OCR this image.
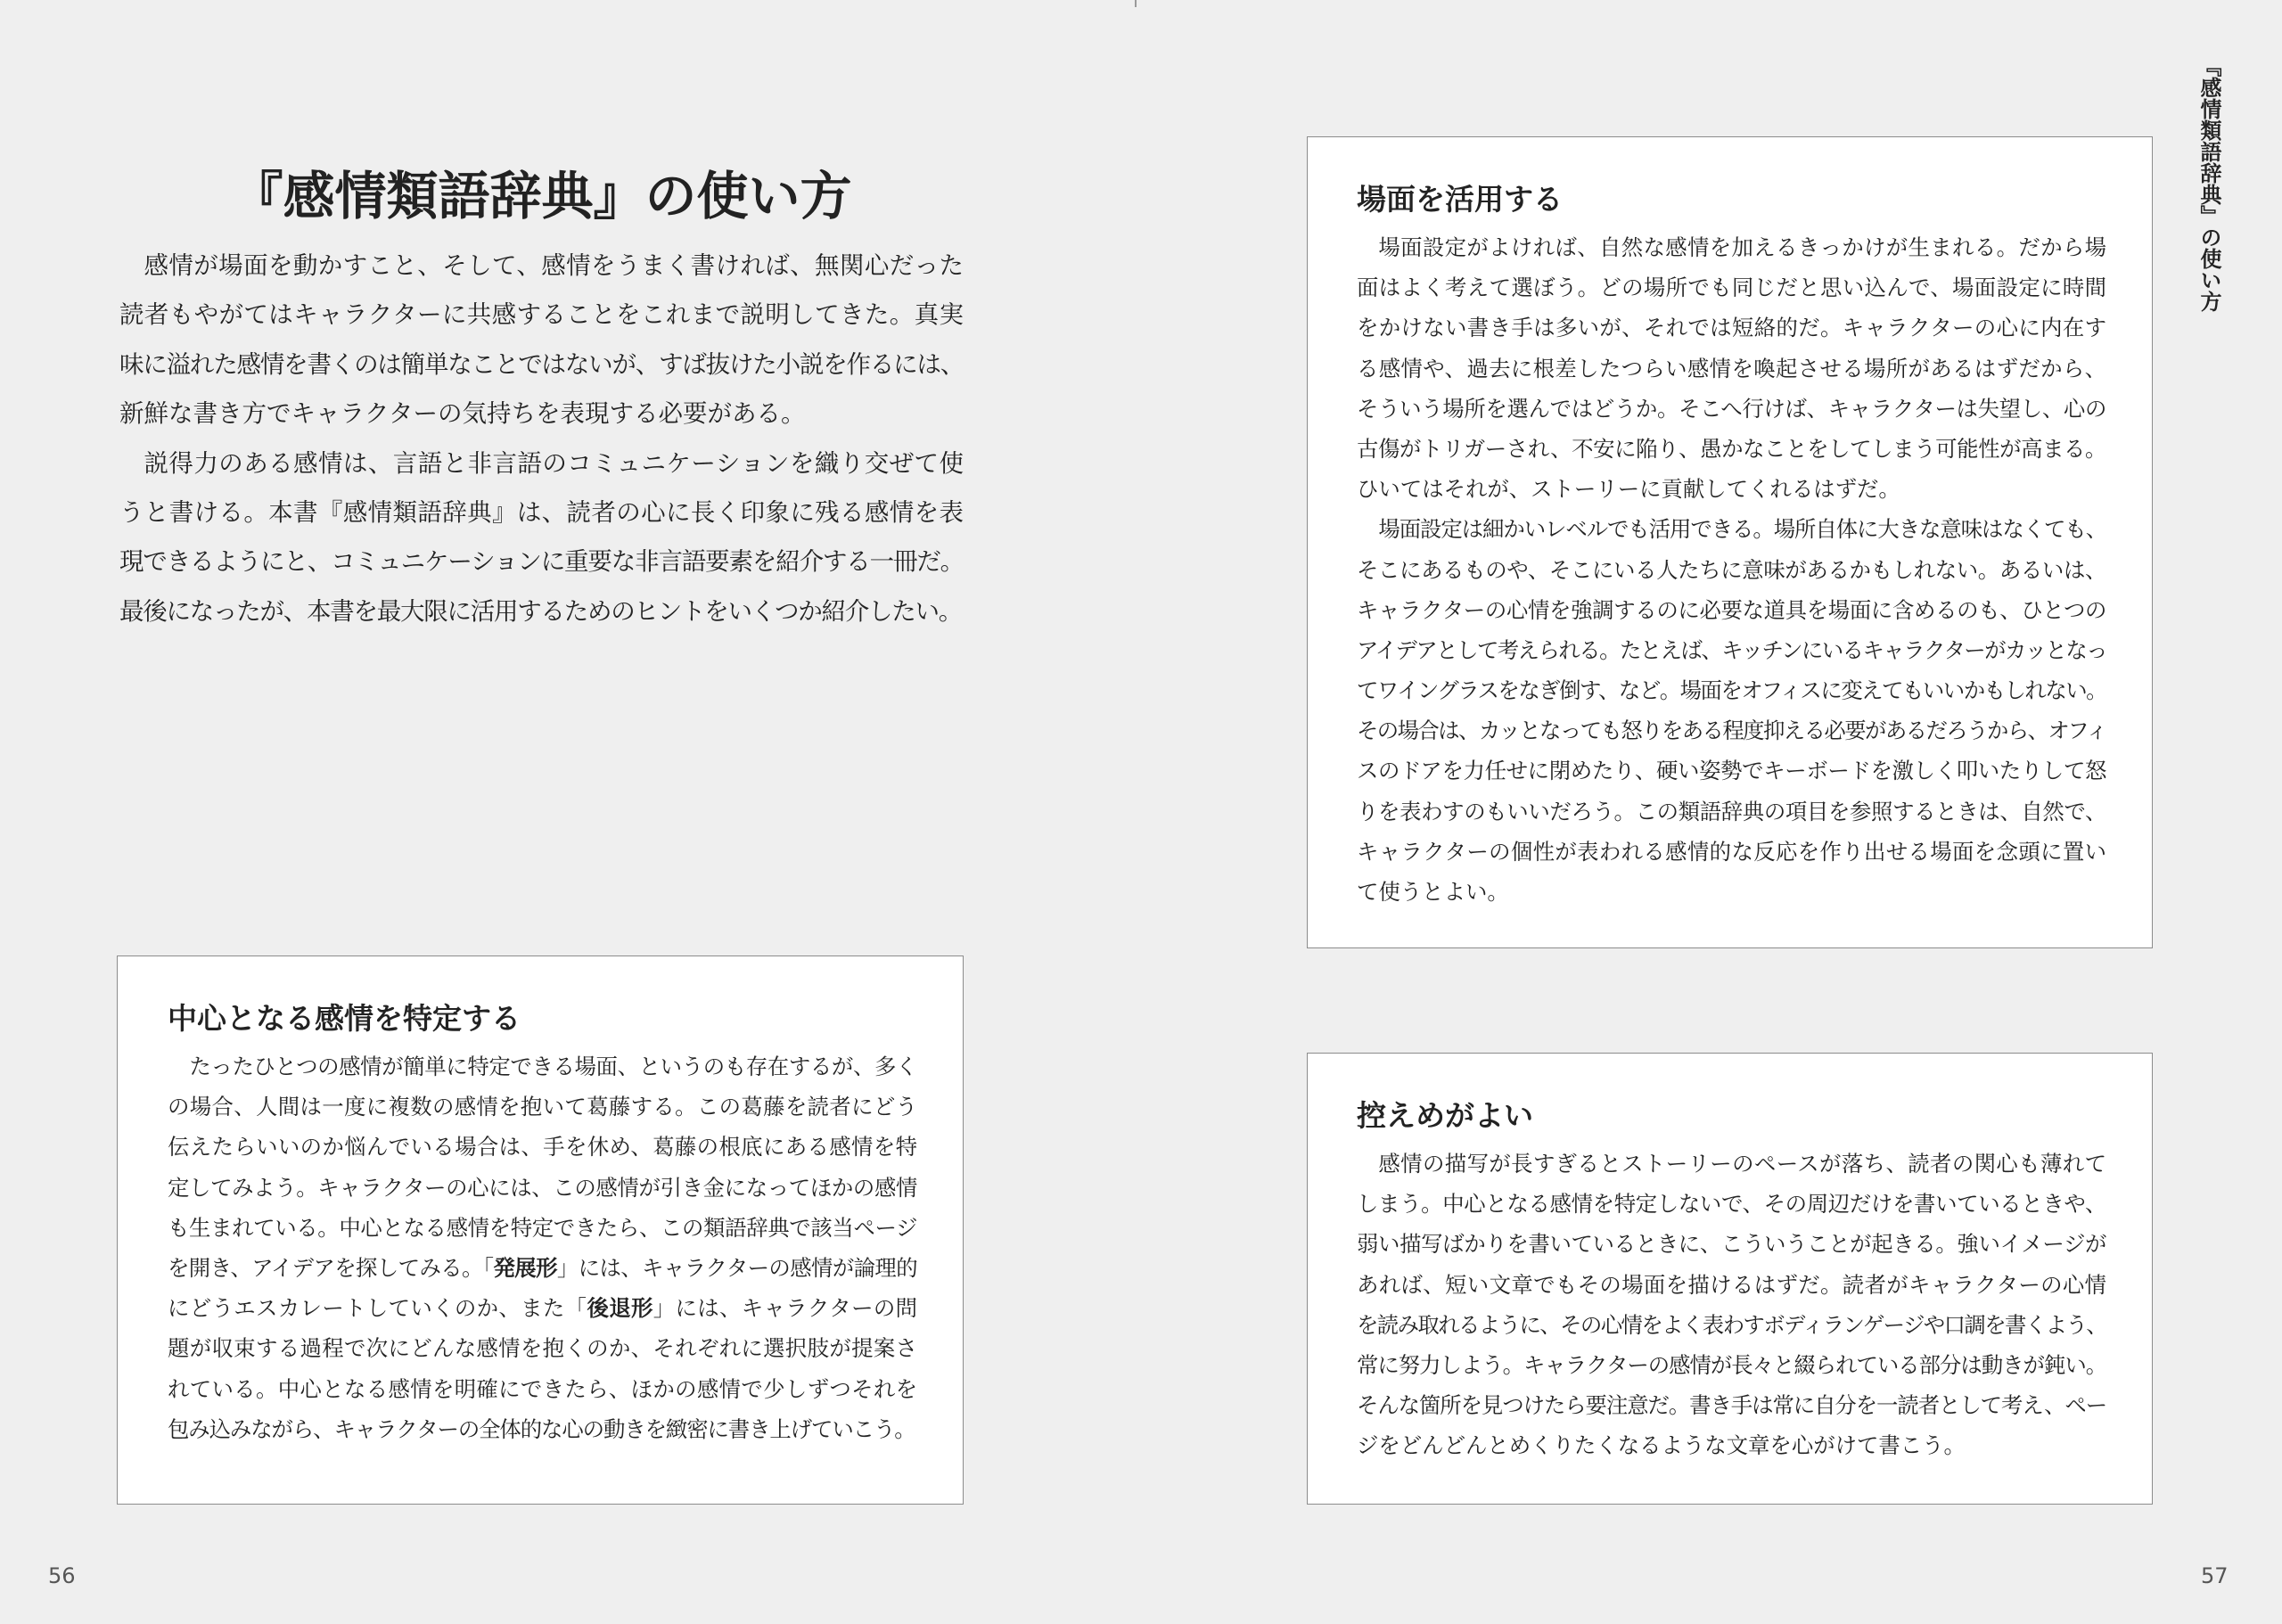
『感情類語辞典』の使い方
感情が場面を動かすこと、そして、感情をうまく書ければ、無関心だった
読者もやがてはキャラクターに共感することをこれまで説明してきた。真実
味に溢れた感情を書くのは簡単なことではないが、すば抜けた小説を作るには、
新鮮な書き方でキャラクターの気持ちを表現する必要がある。
説得力のある感情は、言語と非言語のコミュニケーションを織り交ぜて使
うと書ける。本書『感情類語辞典』は、読者の心に長く印象に残る感情を表
現できるようにと、コミュニケーションに重要な非言語要素を紹介する一冊だ。
最後になったが、本書を最大限に活用するためのヒントをいくつか紹介したい。
中心となる感情を特定する
たったひとつの感情が簡単に特定できる場面、というのも存在するが、多く
の場合、人間は一度に複数の感情を抱いて葛藤する。この葛藤を読者にどう
伝えたらいいのか悩んでいる場合は、手を休め、葛藤の根底にある感情を特
定してみよう。キャラクターの心には、この感情が引き金になってほかの感情
も生まれている。中心となる感情を特定できたら、この類語辞典で該当ページ
を開き、アイデアを探してみる。「発展形」には、キャラクターの感情が論理的
にどうエスカレートしていくのか、また「後退形」には、キャラクターの問
題が収束する過程で次にどんな感情を抱くのか、それぞれに選択肢が提案さ
れている。中心となる感情を明確にできたら、ほかの感情で少しずつそれを
包み込みながら、キャラクターの全体的な心の動きを緻密に書き上げていこう。
56
『感情類語辞典』の使い方
場面を活用する
場面設定がよければ、自然な感情を加えるきっかけが生まれる。だから場
面はよく考えて選ぼう。どの場所でも同じだと思い込んで、場面設定に時間
をかけない書き手は多いが、それでは短絡的だ。キャラクターの心に内在す
る感情や、過去に根差したつらい感情を喚起させる場所があるはずだから、
そういう場所を選んではどうか。そこへ行けば、キャラクターは失望し、心の
古傷がトリガーされ、不安に陥り、愚かなことをしてしまう可能性が高まる。
ひいてはそれが、ストーリーに貢献してくれるはずだ。
場面設定は細かいレベルでも活用できる。場所自体に大きな意味はなくても、
そこにあるものや、そこにいる人たちに意味があるかもしれない。あるいは、
キャラクターの心情を強調するのに必要な道具を場面に含めるのも、ひとつの
アイデアとして考えられる。たとえば、キッチンにいるキャラクターがカッとなっ
てワイングラスをなぎ倒す、など。場面をオフィスに変えてもいいかもしれない。
その場合は、カッとなっても怒りをある程度抑える必要があるだろうから、オフィ
スのドアを力任せに閉めたり、硬い姿勢でキーボードを激しく叩いたりして怒
りを表わすのもいいだろう。この類語辞典の項目を参照するときは、自然で、
キャラクターの個性が表われる感情的な反応を作り出せる場面を念頭に置い
て使うとよい。
控えめがよい
感情の描写が長すぎるとストーリーのペースが落ち、読者の関心も薄れて
しまう。中心となる感情を特定しないで、その周辺だけを書いているときや、
弱い描写ばかりを書いているときに、こういうことが起きる。強いイメージが
あれば、短い文章でもその場面を描けるはずだ。読者がキャラクターの心情
を読み取れるように、その心情をよく表わすボディランゲージや口調を書くよう、
常に努力しよう。キャラクターの感情が長々と綴られている部分は動きが鈍い。
そんな箇所を見つけたら要注意だ。書き手は常に自分を一読者として考え、ペー
ジをどんどんとめくりたくなるような文章を心がけて書こう。
57
